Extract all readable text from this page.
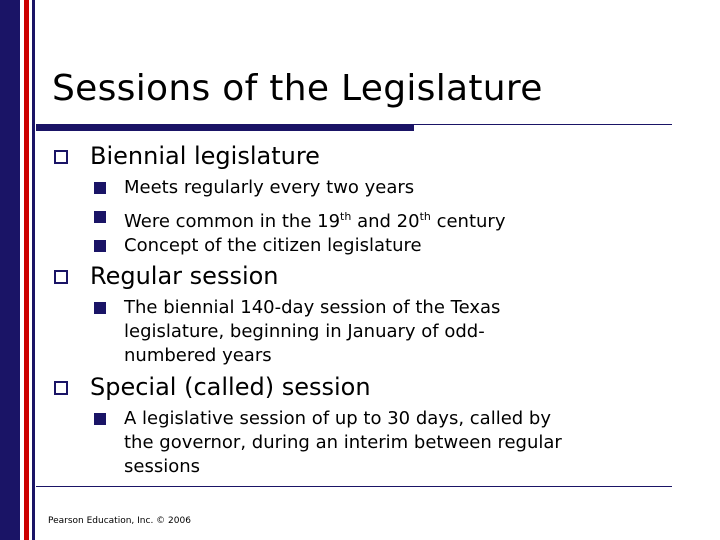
Sessions of the Legislature
Biennial legislature
Meets regularly every two years
Were common in the 19th and 20th century
Concept of the citizen legislature
Regular session
The biennial 140-day session of the Texas
legislature, beginning in January of odd-
numbered years
Special (called) session
A legislative session of up to 30 days, called by
the governor, during an interim between regular
sessions
Pearson Education, Inc. © 2006
